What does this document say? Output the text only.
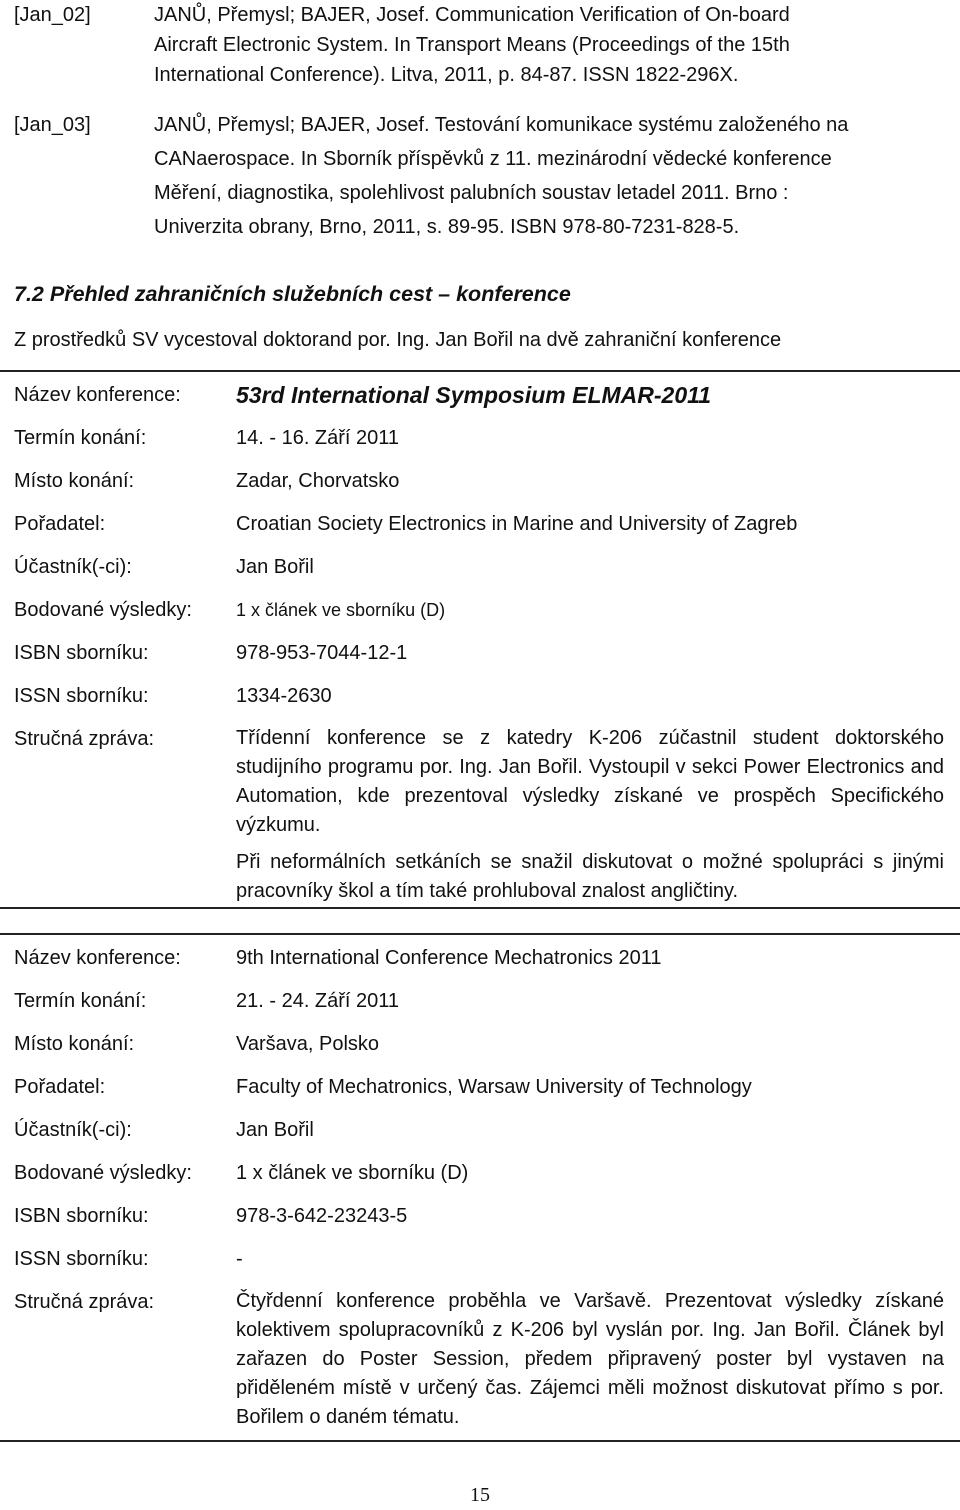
[Jan_02]	JANŮ, Přemysl; BAJER, Josef. Communication Verification of On-board
Aircraft Electronic System. In Transport Means (Proceedings of the 15th
International Conference). Litva, 2011, p. 84-87. ISSN 1822-296X.
[Jan_03]	JANŮ, Přemysl; BAJER, Josef. Testování komunikace systému založeného na
CANaerospace. In Sborník příspěvků z 11. mezinárodní vědecké konference
Měření, diagnostika, spolehlivost palubních soustav letadel 2011. Brno :
Univerzita obrany, Brno, 2011, s. 89-95. ISBN 978-80-7231-828-5.
7.2 Přehled zahraničních služebních cest – konference
Z prostředků SV vycestoval doktorand por. Ing. Jan Bořil na dvě zahraniční konference
Název konference: 53rd International Symposium ELMAR-2011
Termín konání:	14. - 16. Září 2011
Místo konání:	Zadar, Chorvatsko
Pořadatel:	Croatian Society Electronics in Marine and University of Zagreb
Účastník(-ci):	Jan Bořil
Bodované výsledky: 1 x článek ve sborníku (D)
ISBN sborníku:	978-953-7044-12-1
ISSN sborníku:	1334-2630
Stručná zpráva:	Třídenní konference se z katedry K-206 zúčastnil student doktorského studijního programu por. Ing. Jan Bořil. Vystoupil v sekci Power Electronics and Automation, kde prezentoval výsledky získané ve prospěch Specifického výzkumu.
Při neformálních setkáních se snažil diskutovat o možné spolupráci s jinými pracovníky škol a tím také prohluboval znalost angličtiny.
Název konference:	9th International Conference Mechatronics 2011
Termín konání:	21. - 24. Září 2011
Místo konání:	Varšava, Polsko
Pořadatel:	Faculty of Mechatronics, Warsaw University of Technology
Účastník(-ci):	Jan Bořil
Bodované výsledky: 1 x článek ve sborníku (D)
ISBN sborníku:	978-3-642-23243-5
ISSN sborníku:	-
Stručná zpráva:	Čtyřdenní konference proběhla ve Varšavě. Prezentovat výsledky získané kolektivem spolupracovníků z K-206 byl vyslán por. Ing. Jan Bořil. Článek byl zařazen do Poster Session, předem připravený poster byl vystaven na přiděleném místě v určený čas. Zájemci měli možnost diskutovat přímo s por. Bořilem o daném tématu.
15
